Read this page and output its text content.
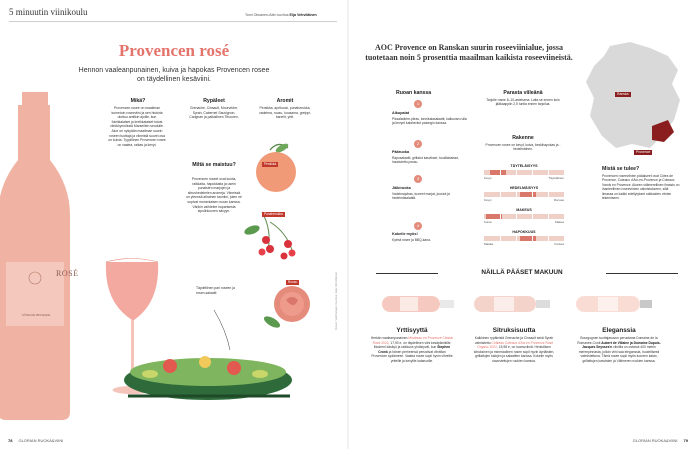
5 minuutin viinikoulu	Tomi Oksanen-Alén kuvitus Eija Vehviläinen
Provencen rosé
Hennon vaaleanpunainen, kuiva ja hapokas Provencen rosee on täydellinen kesäviini.
Mikä?
Provencen rosee on maailman tunnetuin roseeviini ja sen historia ulottuu antiikin ajoille, kun foinikialaiset ja kreikkalaiset toivat viiniköynnöksiä Marseillen seudulle. Alue on nykyään maailman suurin roseen tuottaja ja viineistä suurin osa on kuivia. Tyypillinen Provencen rosee on vaalea, raikas ja kevyt.
Rypäleet
Grenache, Cinsault, Mourvèdre, Syrah, Cabernet Sauvignon, Carignan ja paikallinen Tibouren.
Miltä se maistuu?
Provencen roseet ovat kuivia, raikkaita, hapokkaita ja usein punaisten marjojen ja sitrushedelmien aromeja. Viineissä on yleensä alhainen tanniini, joten ne sopivat monenlaisen ruoan kanssa. Värikin vaihtelee kuparisesta sipulinkuoren sävyyn.
Aromit
Persikka, aprikoosi, punaherukka, vadelma, ruusu, kuusama, greippi, kanelit, yrtit.
ROSÉ
CÔTES DE PROVENCE
Persikka
Punaherukka
Ruusu
Täydellinen pari roseen ja rosen-salaatti
78 GLORIAN RUOKA&VIINI
Kuvat: Valmistajat, Kuvitus: Eija Vehviläinen
AOC Provence on Ranskan suurin roseeviinialue, jossa tuotetaan noin 5 prosenttia maailman kaikista roseeviineistä.
Ranska
Provence
Ruoan kanssa
1
Alkupalat
Pissaladière-piiras, tonnikalasalaatti, kalkunan-rulla ja kevyet kalaherkut patongin kanssa.
2
Pääruoka
Rapusalaatti, grillatut kasvikset, bouillabaisse, haudutettu possu.
3
Jälkiruoka
Vadelmapiiras, tuoreet marjat, juustot ja hedelmäsalaatti.
4
Kokeile myös!
Kylmä rosee ja BBQ-kana.
Parasta viileänä
Tarjoile rosee 8–10-asteisena. Laita se ennen kuin jääkaappiin 2,5 tuntia ennen tarjoilua.
Rakenne
Provencen rosee on kevyt, kuiva, keskihapokas ja -hedelmäinen.
TÄYTELÄISYYS
Kevyt	Täyteläinen
HEDELMÄISYYS
Kevyt	Runsas
MAKEUS
Kuiva	Makea
HAPOKKUUS
Matala	Korkea
Mistä se tulee?
Provencen roseeviinien pääalueet ovat Côtes de Provence, Coteaux d'Aix-en-Provence ja Coteaux Varois en Provence. Alueen välimerellinen ilmasto on ihanteellinen roseeviinien valmistukseen, sillä ilmassa on kaikki edellytykset raikkaiden viinien tekemiseen.
NÄILLÄ PÄÄSET MAKUUN
Yrttisyyttä
Herkän vaaleanpunainen Mirabeau en Provence Classic Rosé 2022, 17,90 e, on täydellinen viini kesäpiknikille. Moderni käsityö ja raikkuus yhdistyvät, kun Stephen Cronk ja hänen perheensä perustivat viinitilan Provencen sydämeen. Vaalea rosee sopii hyvin vihreille yrtteille ja kevyille kalaruoille.
Sitruksisuutta
Kalkkinen rypäleistä Grenache ja Cinsault sekä Syrah valmistettu Château Coteaux d'Aix en Provence Rosé Organic 2022, 15,98 e, on luomuviiniä. Herkullisen sitruksinen ja mineraalinen rosee sopii hyvin äyriäisten, grillattujen kalojen ja salaattien kanssa. Kokeile myös savustettujen ruokien kanssa.
Eleganssia
Bourgognen tuottajasuvun perustama Domaine de la Romanée-Conti Aubert de Villaine ja Domaine Dupuis-Jacques Seysses'n viinitila on ostanut 400 metrin merenpinnasta, jolloin viini saa eleganssia, huolellisesti valmistettuna. Tämä rosee sopii myös tuoreen kalan, grillattujen kasvisten ja Välimeren ruokien kanssa.
GLORIAN RUOKA&VIINI 79
